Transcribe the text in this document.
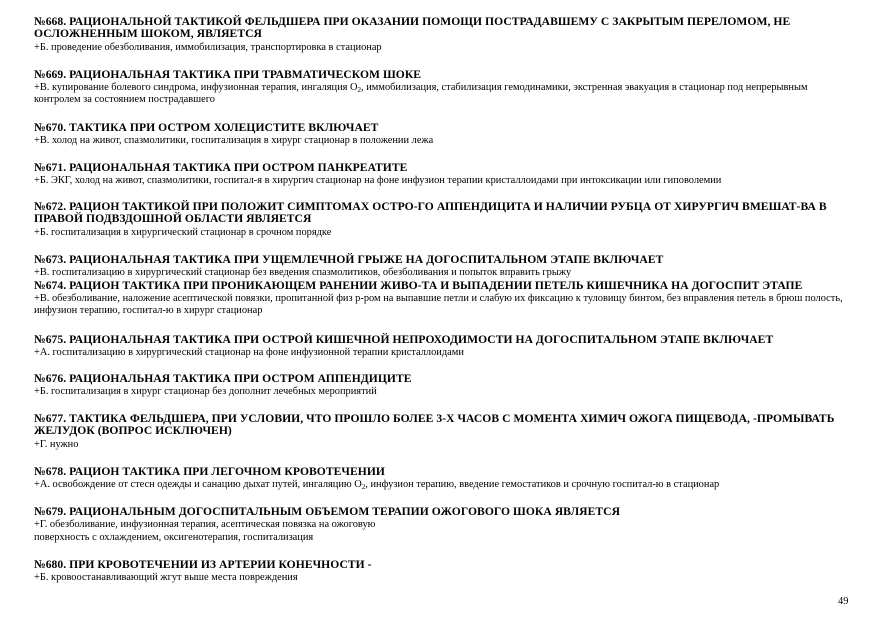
№668. РАЦИОНАЛЬНОЙ ТАКТИКОЙ ФЕЛЬДШЕРА ПРИ ОКАЗАНИИ ПОМОЩИ ПОСТРАДАВШЕМУ С ЗАКРЫТЫМ ПЕРЕЛОМОМ, НЕ ОСЛОЖНЕННЫМ ШОКОМ, ЯВЛЯЕТСЯ
+Б. проведение обезболивания, иммобилизация, транспортировка в стационар
№669. РАЦИОНАЛЬНАЯ ТАКТИКА ПРИ ТРАВМАТИЧЕСКОМ ШОКЕ
+В. купирование болевого синдрома, инфузионная терапия, ингаляция $О_2$, иммобилизация, стабилизация гемодинамики, экстренная эвакуация в стационар под непрерывным контролем за состоянием пострадавшего
№670. ТАКТИКА ПРИ ОСТРОМ ХОЛЕЦИСТИТЕ ВКЛЮЧАЕТ
+В. холод на живот, спазмолитики, госпитализация в хирург стационар в положении лежа
№671. РАЦИОНАЛЬНАЯ ТАКТИКА ПРИ ОСТРОМ ПАНКРЕАТИТЕ
+Б. ЭКГ, холод на живот, спазмолитики, госпитал-я в хирургич стационар на фоне инфузион терапии кристаллоидами при интоксикации или гиповолемии
№672. РАЦИОН ТАКТИКОЙ ПРИ ПОЛОЖИТ СИМПТОМАХ ОСТРО-ГО АППЕНДИЦИТА И НАЛИЧИИ РУБЦА ОТ ХИРУРГИЧ ВМЕШАТ-ВА В ПРАВОЙ ПОДВЗДОШНОЙ ОБЛАСТИ ЯВЛЯЕТСЯ
+Б. госпитализация в хирургический стационар в срочном порядке
№673. РАЦИОНАЛЬНАЯ ТАКТИКА ПРИ УЩЕМЛЕЧНОЙ ГРЫЖЕ НА ДОГОСПИТАЛЬНОМ ЭТАПЕ ВКЛЮЧАЕТ
+В. госпитализацию в хирургический стационар без введения спазмолитиков, обезболивания и попыток вправить грыжу
№674. РАЦИОН ТАКТИКА ПРИ ПРОНИКАЮЩЕМ РАНЕНИИ ЖИВО-ТА И ВЫПАДЕНИИ ПЕТЕЛЬ КИШЕЧНИКА НА ДОГОСПИТ ЭТАПЕ
+В. обезболивание, наложение асептической повязки, пропитанной физ р-ром на выпавшие петли и слабую их фиксацию к туловищу бинтом, без вправления петель в брюш полость, инфузион терапию, госпитал-ю в хирург стационар
№675. РАЦИОНАЛЬНАЯ ТАКТИКА ПРИ ОСТРОЙ КИШЕЧНОЙ НЕПРОХОДИМОСТИ НА ДОГОСПИТАЛЬНОМ ЭТАПЕ ВКЛЮЧАЕТ
+А. госпитализацию в хирургический стационар на фоне инфузионной терапии кристаллоидами
№676. РАЦИОНАЛЬНАЯ ТАКТИКА ПРИ ОСТРОМ АППЕНДИЦИТЕ
+Б. госпитализация в хирург стационар без дополнит лечебных мероприятий
№677. ТАКТИКА ФЕЛЬДШЕРА, ПРИ УСЛОВИИ, ЧТО ПРОШЛО БОЛЕЕ 3-Х ЧАСОВ С МОМЕНТА ХИМИЧ ОЖОГА ПИЩЕВОДА, -ПРОМЫВАТЬ ЖЕЛУДОК (ВОПРОС ИСКЛЮЧЕН)
+Г. нужно
№678. РАЦИОН ТАКТИКА ПРИ ЛЕГОЧНОМ КРОВОТЕЧЕНИИ
+А. освобождение от стесн одежды и санацию дыхат путей, ингаляцию $О_2$, инфузион терапию, введение гемостатиков и срочную госпитал-ю в стационар
№679. РАЦИОНАЛЬНЫМ ДОГОСПИТАЛЬНЫМ ОБЪЕМОМ ТЕРАПИИ ОЖОГОВОГО ШОКА ЯВЛЯЕТСЯ
+Г. обезболивание, инфузионная терапия, асептическая повязка на ожоговую
поверхность с охлаждением, оксигенотерапия, госпитализация
№680. ПРИ КРОВОТЕЧЕНИИ ИЗ АРТЕРИИ КОНЕЧНОСТИ -
+Б. кровоостанавливающий жгут выше места повреждения
49
